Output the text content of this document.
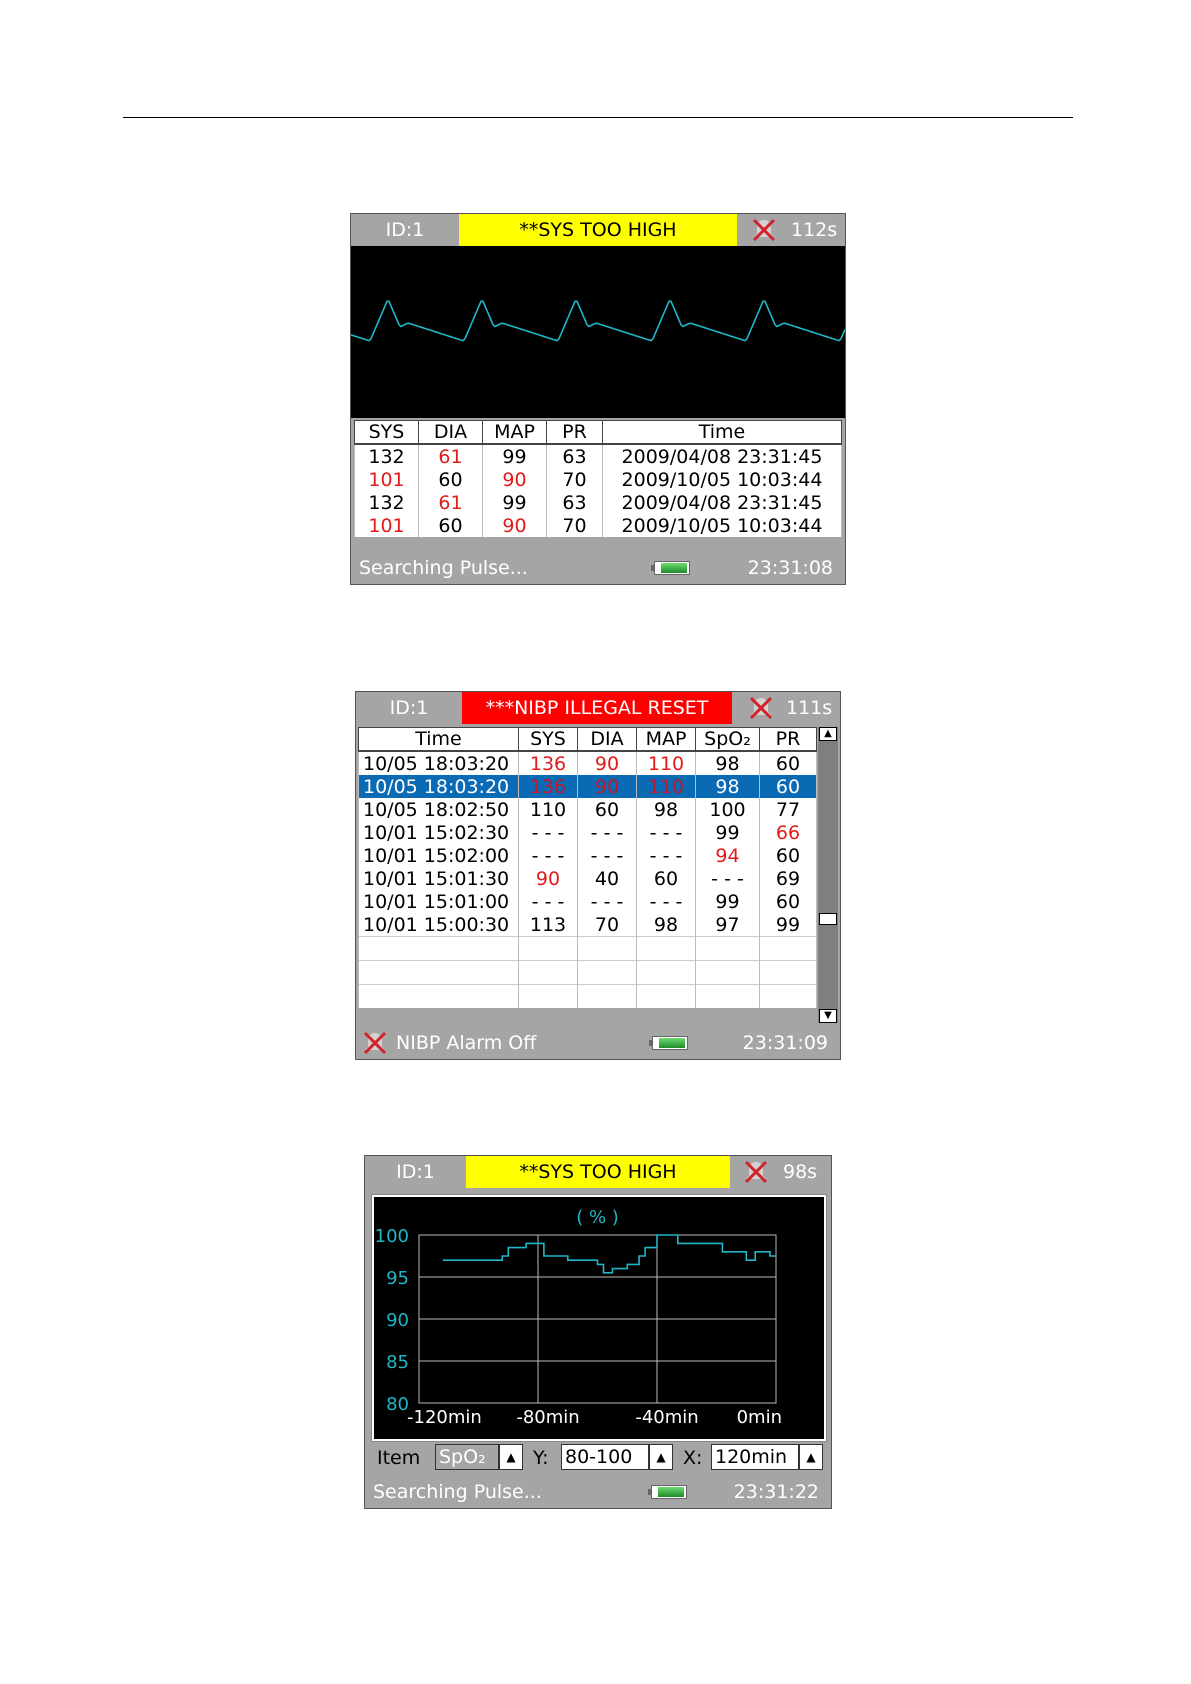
ID:1	**SYS TOO HIGH	112s
SYS	DIA	MAP	PR	Time
132	61	99	63	2009/04/08 23:31:45
101	60	90	70	2009/10/05 10:03:44
132	61	99	63	2009/04/08 23:31:45
101	60	90	70	2009/10/05 10:03:44
Searching Pulse...	23:31:08
ID:1	***NIBP ILLEGAL RESET	111s
Time	SYS	DIA	MAP	SpO₂	PR
10/05 18:03:20	136	90	110	98	60
10/05 18:03:20	136	90	110	98	60
10/05 18:02:50	110	60	98	100	77
10/01 15:02:30	- - -	- - -	- - -	99	66
10/01 15:02:00	- - -	- - -	- - -	94	60
10/01 15:01:30	90	40	60	- - -	69
10/01 15:01:00	- - -	- - -	- - -	99	60
10/01 15:00:30	113	70	98	97	99

▲
▼
NIBP Alarm Off	23:31:09
ID:1	**SYS TOO HIGH	98s
100
95
90
85
80
-120min -80min	-40min 0min
( % )
Item SpO₂	▲ Y: 80-100	▲ X: 120min	▲
Searching Pulse...	23:31:22
